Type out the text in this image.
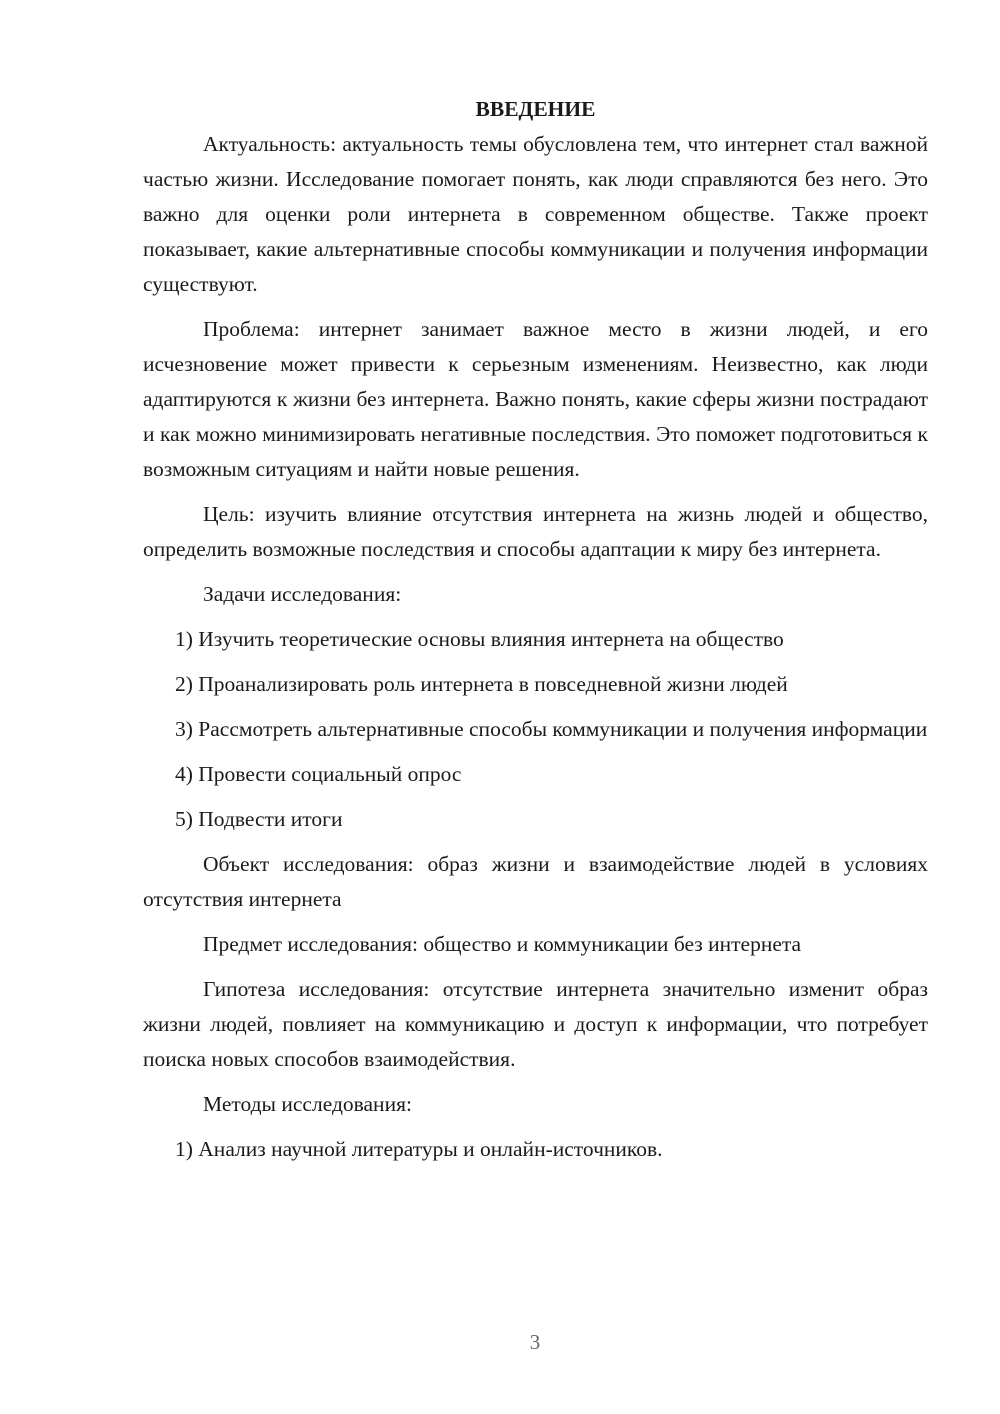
ВВЕДЕНИЕ

Актуальность: актуальность темы обусловлена тем, что интернет стал важной частью жизни. Исследование помогает понять, как люди справляются без него. Это важно для оценки роли интернета в современном обществе. Также проект показывает, какие альтернативные способы коммуникации и получения информации существуют.

Проблема: интернет занимает важное место в жизни людей, и его исчезновение может привести к серьезным изменениям. Неизвестно, как люди адаптируются к жизни без интернета. Важно понять, какие сферы жизни пострадают и как можно минимизировать негативные последствия. Это поможет подготовиться к возможным ситуациям и найти новые решения.

Цель: изучить влияние отсутствия интернета на жизнь людей и общество, определить возможные последствия и способы адаптации к миру без интернета.

Задачи исследования:

1) Изучить теоретические основы влияния интернета на общество

2) Проанализировать роль интернета в повседневной жизни людей

3) Рассмотреть альтернативные способы коммуникации и получения информации

4) Провести социальный опрос

5) Подвести итоги

Объект исследования: образ жизни и взаимодействие людей в условиях отсутствия интернета

Предмет исследования: общество и коммуникации без интернета

Гипотеза исследования: отсутствие интернета значительно изменит образ жизни людей, повлияет на коммуникацию и доступ к информации, что потребует поиска новых способов взаимодействия.

Методы исследования:

1) Анализ научной литературы и онлайн-источников.

3
